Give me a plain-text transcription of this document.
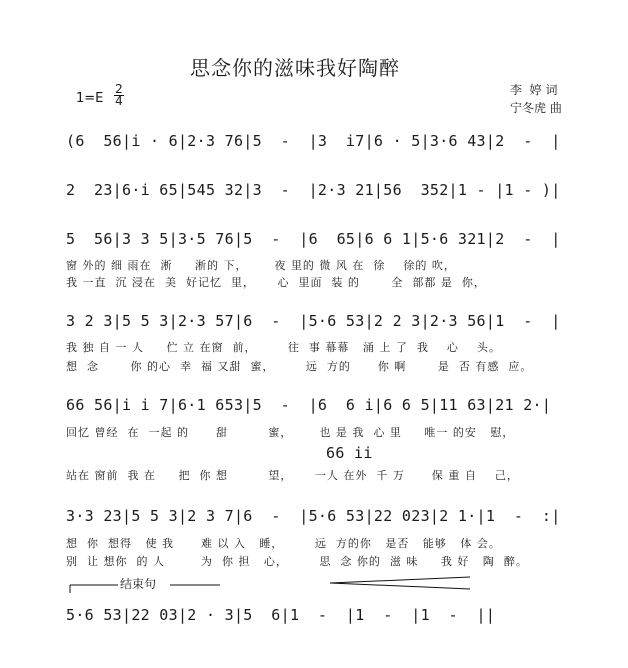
思念你的滋味我好陶醉
李  婷 词
宁冬虎 曲
1=E
2
4
(6  56|i · 6|2·3 76|5  -  |3  i7|6 · 5|3·6 43|2  -  |
2  23|6·i 65|545 32|3  -  |2·3 21|56  352|1 - |1 - )|
5  56|3 3 5|3·5 76|5  -  |6  65|6 6 1|5·6 321|2  -  |
窗 外的 细 雨在  淅     淅的 下，      夜 里的 微 风 在  徐    徐的 吹，
我 一直  沉 浸在  美  好记忆  里，     心  里面  装 的       全  部都 是  你，
3 2 3|5 5 3|2·3 57|6  -  |5·6 53|2 2 3|2·3 56|1  -  |
我 独 自 一 人     伫 立 在窗  前，       往  事 幕幕   涌 上 了  我    心    头。
想  念       你 的心  幸  福 又甜  蜜，       远  方的      你 啊       是  否 有感  应。
66 56|i i 7|6·1 653|5  -  |6  6 i|6 6 5|11 63|21 2·|
回忆 曾经  在  一起 的      甜         蜜，      也 是 我  心 里     唯一 的安   慰，
66 ii
站在 窗前  我 在     把  你 想         望，     一人 在外  千 万      保 重 自    己，
3·3 23|5 5 3|2 3 7|6  -  |5·6 53|22 023|2 1·|1  -  :|
想  你  想得   使 我      难 以 入   睡，       远  方的你   是否   能够   体 会。
别  让 想你  的 人        为  你 担   心，       思  念 你的  滋 味     我 好   陶  醉。
结束句
5·6 53|22 03|2 · 3|5  6|1  -  |1  -  |1  -  ||
